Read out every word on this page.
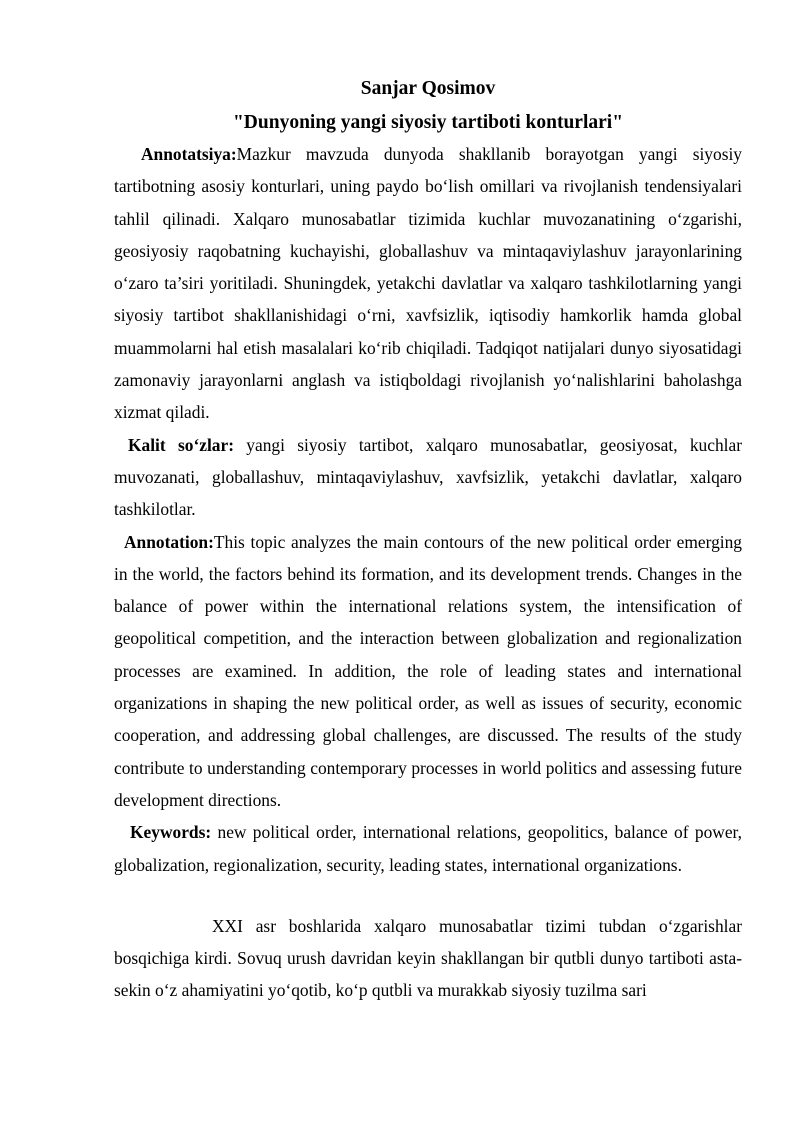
Sanjar Qosimov

"Dunyoning yangi siyosiy tartiboti konturlari"

Annotatsiya:Mazkur mavzuda dunyoda shakllanib borayotgan yangi siyosiy tartibotning asosiy konturlari, uning paydo bo‘lish omillari va rivojlanish tendensiyalari tahlil qilinadi. Xalqaro munosabatlar tizimida kuchlar muvozanatining o‘zgarishi, geosiyosiy raqobatning kuchayishi, globallashuv va mintaqaviylashuv jarayonlarining o‘zaro ta’siri yoritiladi. Shuningdek, yetakchi davlatlar va xalqaro tashkilotlarning yangi siyosiy tartibot shakllanishidagi o‘rni, xavfsizlik, iqtisodiy hamkorlik hamda global muammolarni hal etish masalalari ko‘rib chiqiladi. Tadqiqot natijalari dunyo siyosatidagi zamonaviy jarayonlarni anglash va istiqboldagi rivojlanish yo‘nalishlarini baholashga xizmat qiladi.

Kalit so‘zlar: yangi siyosiy tartibot, xalqaro munosabatlar, geosiyosat, kuchlar muvozanati, globallashuv, mintaqaviylashuv, xavfsizlik, yetakchi davlatlar, xalqaro tashkilotlar.

Annotation:This topic analyzes the main contours of the new political order emerging in the world, the factors behind its formation, and its development trends. Changes in the balance of power within the international relations system, the intensification of geopolitical competition, and the interaction between globalization and regionalization processes are examined. In addition, the role of leading states and international organizations in shaping the new political order, as well as issues of security, economic cooperation, and addressing global challenges, are discussed. The results of the study contribute to understanding contemporary processes in world politics and assessing future development directions.

Keywords: new political order, international relations, geopolitics, balance of power, globalization, regionalization, security, leading states, international organizations.

XXI asr boshlarida xalqaro munosabatlar tizimi tubdan o‘zgarishlar bosqichiga kirdi. Sovuq urush davridan keyin shakllangan bir qutbli dunyo tartiboti asta-sekin o‘z ahamiyatini yo‘qotib, ko‘p qutbli va murakkab siyosiy tuzilma sari
